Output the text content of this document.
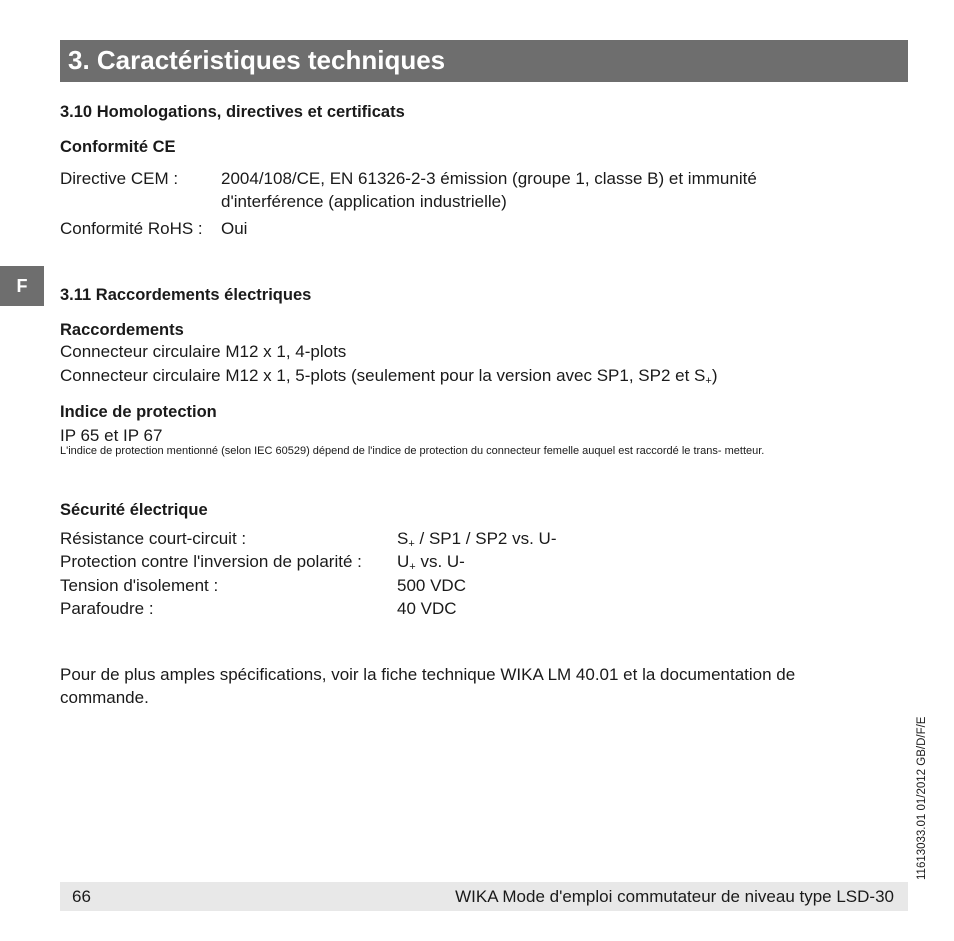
3. Caractéristiques techniques
F
3.10 Homologations, directives et certificats
Conformité CE
Directive CEM :	2004/108/CE, EN 61326-2-3 émission (groupe 1, classe B) et immunité
d'interférence (application industrielle)
Conformité RoHS : Oui
3.11 Raccordements électriques
Raccordements
Connecteur circulaire M12 x 1, 4-plots
Connecteur circulaire M12 x 1, 5-plots (seulement pour la version avec SP1, SP2 et $S_+$)
Indice de protection
IP 65 et IP 67
L'indice de protection mentionné (selon IEC 60529) dépend de l'indice de protection du connecteur femelle auquel est raccordé le trans- metteur.
Sécurité électrique
Résistance court-circuit :	$S_+ / SP1 / SP2$ vs. U-
Protection contre l'inversion de polarité : $U_+$ vs. U-
Tension d'isolement :	500 VDC
Parafoudre :	40 VDC
Pour de plus amples spécifications, voir la fiche technique WIKA LM 40.01 et la documentation de
commande.
11613033.01 01/2012 GB/D/F/E
66	WIKA Mode d'emploi commutateur de niveau type LSD-30
